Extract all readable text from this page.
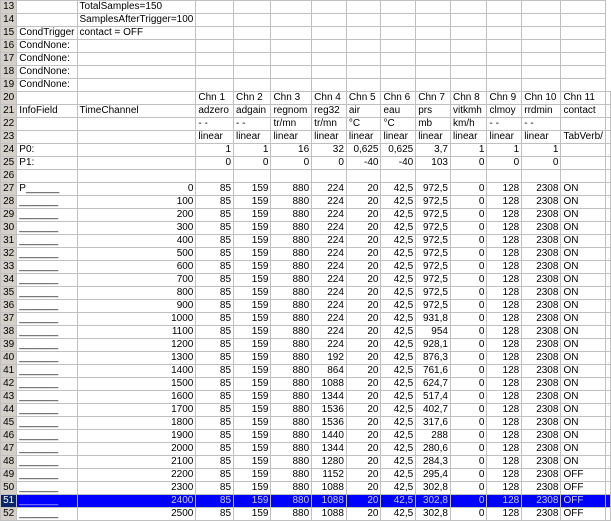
13		TotalSamples=150												
14		SamplesAfterTrigger=100												
15	CondTrigger	contact = OFF												
16	CondNone:													
17	CondNone:													
18	CondNone:													
19	CondNone:													
20			Chn 1	Chn 2	Chn 3	Chn 4	Chn 5	Chn 6	Chn 7	Chn 8	Chn 9	Chn 10	Chn 11	
21	InfoField	TimeChannel	adzero	adgain	regnom	reg32	air	eau	prs	vitkmh	clmoy	rrdmin	contact	
22			- -	- -	tr/mn	tr/mn	°C	°C	mb	km/h	- -	- -		
23			linear	linear	linear	linear	linear	linear	linear	linear	linear	linear	TabVerb/	
24	P0:		1	1	16	32	0,625	0,625	3,7	1	1	1		
25	P1:		0	0	0	0	-40	-40	103	0	0	0		
26														
27	P______	0	85	159	880	224	20	42,5	972,5	0	128	2308	ON	
28	_______	100	85	159	880	224	20	42,5	972,5	0	128	2308	ON	
29	_______	200	85	159	880	224	20	42,5	972,5	0	128	2308	ON	
30	_______	300	85	159	880	224	20	42,5	972,5	0	128	2308	ON	
31	_______	400	85	159	880	224	20	42,5	972,5	0	128	2308	ON	
32	_______	500	85	159	880	224	20	42,5	972,5	0	128	2308	ON	
33	_______	600	85	159	880	224	20	42,5	972,5	0	128	2308	ON	
34	_______	700	85	159	880	224	20	42,5	972,5	0	128	2308	ON	
35	_______	800	85	159	880	224	20	42,5	972,5	0	128	2308	ON	
36	_______	900	85	159	880	224	20	42,5	972,5	0	128	2308	ON	
37	_______	1000	85	159	880	224	20	42,5	931,8	0	128	2308	ON	
38	_______	1100	85	159	880	224	20	42,5	954	0	128	2308	ON	
39	_______	1200	85	159	880	224	20	42,5	928,1	0	128	2308	ON	
40	_______	1300	85	159	880	192	20	42,5	876,3	0	128	2308	ON	
41	_______	1400	85	159	880	864	20	42,5	761,6	0	128	2308	ON	
42	_______	1500	85	159	880	1088	20	42,5	624,7	0	128	2308	ON	
43	_______	1600	85	159	880	1344	20	42,5	517,4	0	128	2308	ON	
44	_______	1700	85	159	880	1536	20	42,5	402,7	0	128	2308	ON	
45	_______	1800	85	159	880	1536	20	42,5	317,6	0	128	2308	ON	
46	_______	1900	85	159	880	1440	20	42,5	288	0	128	2308	ON	
47	_______	2000	85	159	880	1344	20	42,5	280,6	0	128	2308	ON	
48	_______	2100	85	159	880	1280	20	42,5	284,3	0	128	2308	ON	
49	_______	2200	85	159	880	1152	20	42,5	295,4	0	128	2308	OFF	
50	_______	2300	85	159	880	1088	20	42,5	302,8	0	128	2308	OFF	
51	_______	2400	85	159	880	1088	20	42,5	302,8	0	128	2308	OFF	
52	_______	2500	85	159	880	1088	20	42,5	302,8	0	128	2308	OFF	
